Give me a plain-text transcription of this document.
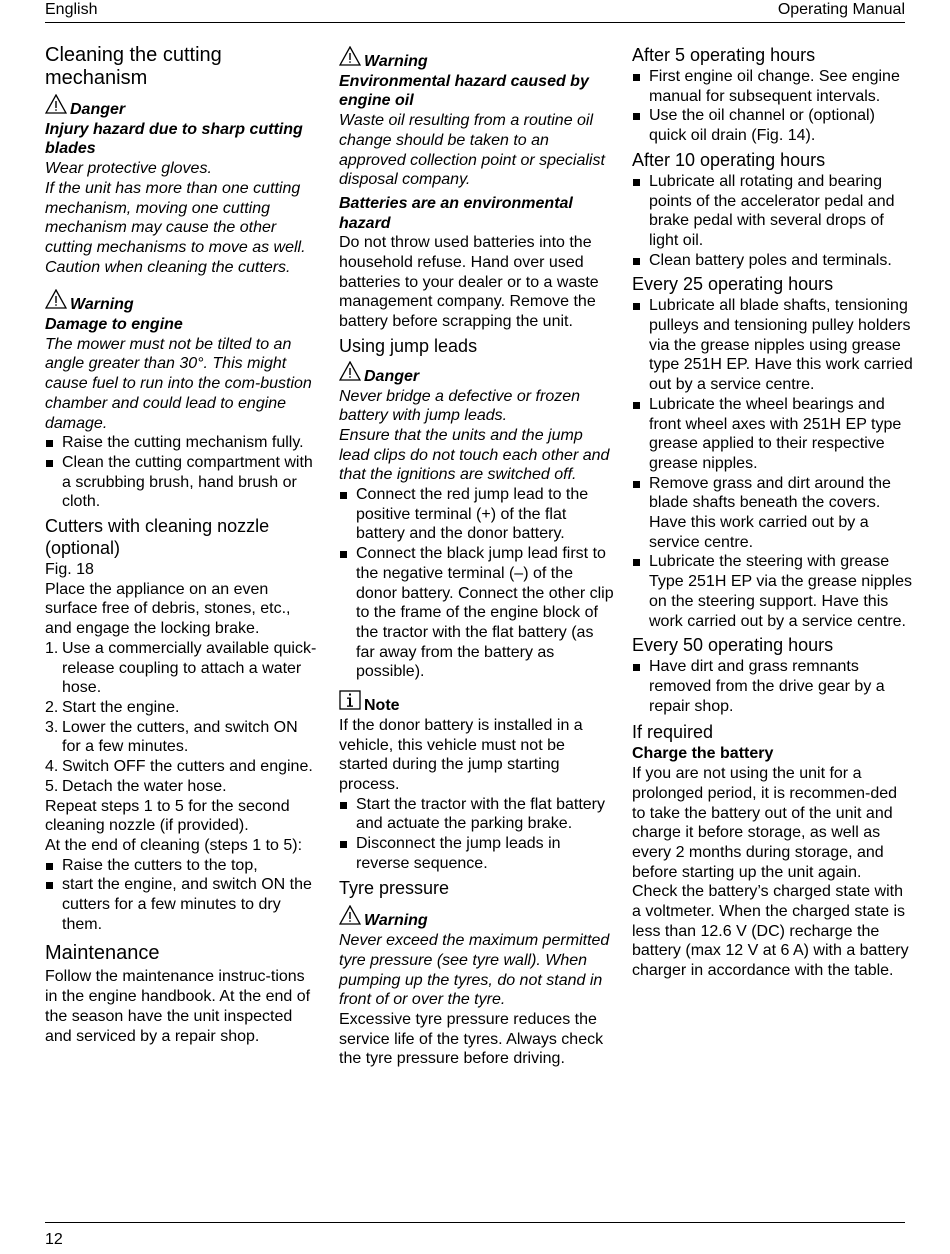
English	Operating Manual
Cleaning the cutting mechanism
Danger

Injury hazard due to sharp cutting blades

Wear protective gloves.
If the unit has more than one cutting mechanism, moving one cutting mechanism may cause the other cutting mechanisms to move as well. Caution when cleaning the cutters.

Warning

Damage to engine

The mower must not be tilted to an angle greater than 30°. This might cause fuel to run into the com-bustion chamber and could lead to engine damage.

Raise the cutting mechanism fully.
Clean the cutting compartment with a scrubbing brush, hand brush or cloth.
Cutters with cleaning nozzle (optional)

Fig. 18

Place the appliance on an even surface free of debris, stones, etc., and engage the locking brake.

1. Use a commercially available quick-release coupling to attach a water hose.
2. Start the engine.
3. Lower the cutters, and switch ON for a few minutes.
4. Switch OFF the cutters and engine.
5. Detach the water hose.

Repeat steps 1 to 5 for the second cleaning nozzle (if provided).

At the end of cleaning (steps 1 to 5):

Raise the cutters to the top,
start the engine, and switch ON the cutters for a few minutes to dry them.
Maintenance

Follow the maintenance instruc-tions in the engine handbook. At the end of the season have the unit inspected and serviced by a repair shop.

Warning

Environmental hazard caused by engine oil

Waste oil resulting from a routine oil change should be taken to an approved collection point or specialist disposal company.

Batteries are an environmental hazard

Do not throw used batteries into the household refuse. Hand over used batteries to your dealer or to a waste management company. Remove the battery before scrapping the unit.

Using jump leads
Danger

Never bridge a defective or frozen battery with jump leads.
Ensure that the units and the jump lead clips do not touch each other and that the ignitions are switched off.

Connect the red jump lead to the positive terminal (+) of the flat battery and the donor battery.
Connect the black jump lead first to the negative terminal (–) of the donor battery. Connect the other clip to the frame of the engine block of the tractor with the flat battery (as far away from the battery as possible).
Note

If the donor battery is installed in a vehicle, this vehicle must not be started during the jump starting process.

Start the tractor with the flat battery and actuate the parking brake.
Disconnect the jump leads in reverse sequence.
Tyre pressure
Warning

Never exceed the maximum permitted tyre pressure (see tyre wall). When pumping up the tyres, do not stand in front of or over the tyre.

Excessive tyre pressure reduces the service life of the tyres. Always check the tyre pressure before driving.

After 5 operating hours
First engine oil change. See engine manual for subsequent intervals.
Use the oil channel or (optional) quick oil drain (Fig. 14).
After 10 operating hours
Lubricate all rotating and bearing points of the accelerator pedal and brake pedal with several drops of light oil.
Clean battery poles and terminals.
Every 25 operating hours
Lubricate all blade shafts, tensioning pulleys and tensioning pulley holders via the grease nipples using grease type 251H EP. Have this work carried out by a service centre.
Lubricate the wheel bearings and front wheel axes with 251H EP type grease applied to their respective grease nipples.
Remove grass and dirt around the blade shafts beneath the covers. Have this work carried out by a service centre.
Lubricate the steering with grease Type 251H EP via the grease nipples on the steering support. Have this work carried out by a service centre.
Every 50 operating hours
Have dirt and grass remnants removed from the drive gear by a repair shop.
If required
Charge the battery

If you are not using the unit for a prolonged period, it is recommen-ded to take the battery out of the unit and charge it before storage, as well as every 2 months during storage, and before starting up the unit again.

Check the battery’s charged state with a voltmeter. When the charged state is less than 12.6 V (DC) recharge the battery (max 12 V at 6 A) with a battery charger in accordance with the table.

12
